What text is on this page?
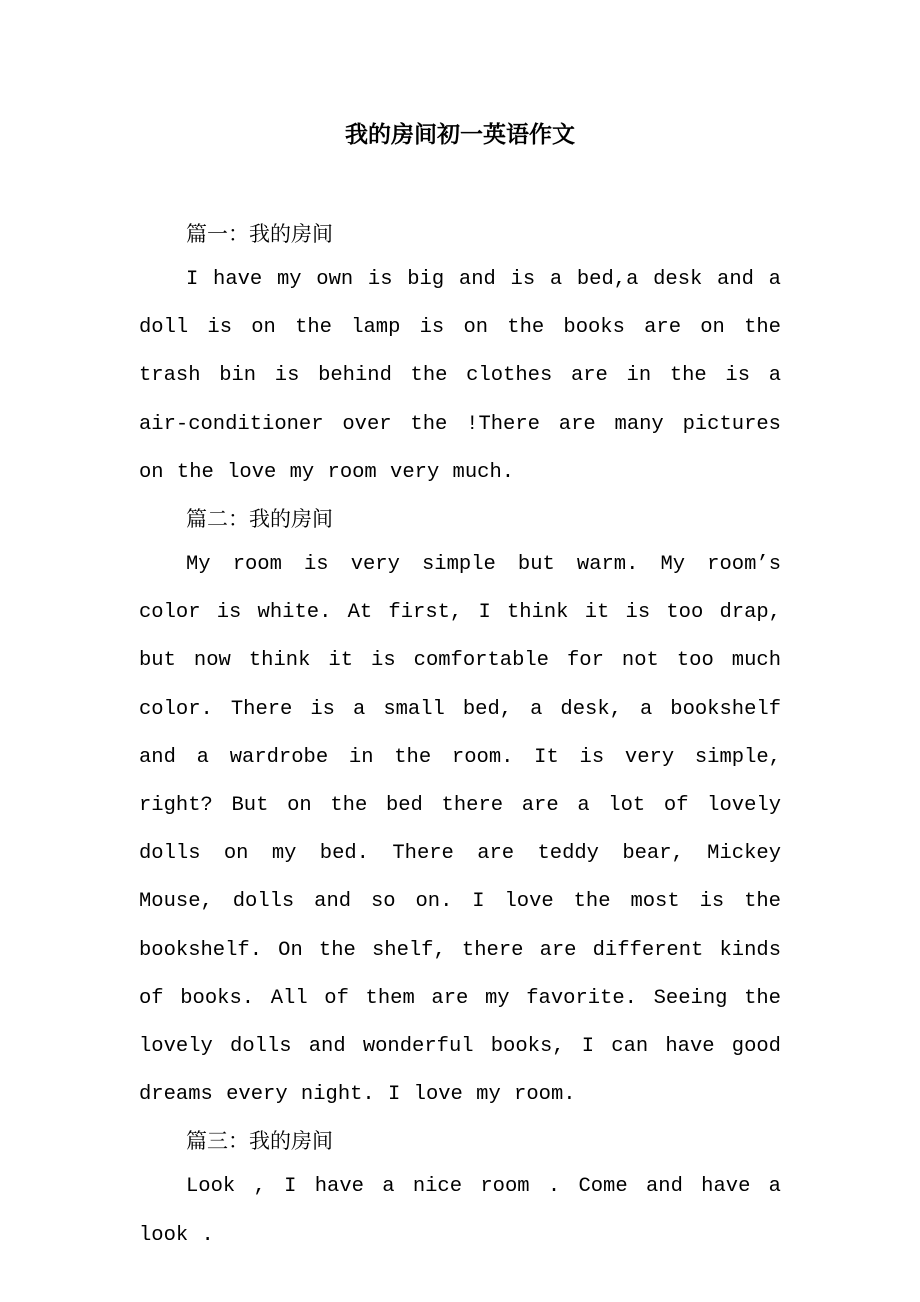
我的房间初一英语作文
篇一：我的房间

I have my own is big and is a bed,a desk and a doll is on the lamp is on the books are on the trash bin is behind the clothes are in the is a air-conditioner over the !There are many pictures on the love my room very much.

篇二：我的房间

My room is very simple but warm. My room’s color is white. At first, I think it is too drap, but now think it is comfortable for not too much color. There is a small bed, a desk, a bookshelf and a wardrobe in the room. It is very simple, right? But on the bed there are a lot of lovely dolls on my bed. There are teddy bear, Mickey Mouse, dolls and so on. I love the most is the bookshelf. On the shelf, there are different kinds of books. All of them are my favorite. Seeing the lovely dolls and wonderful books, I can have good dreams every night. I love my room.

篇三：我的房间

Look , I have a nice room . Come and have a look .
